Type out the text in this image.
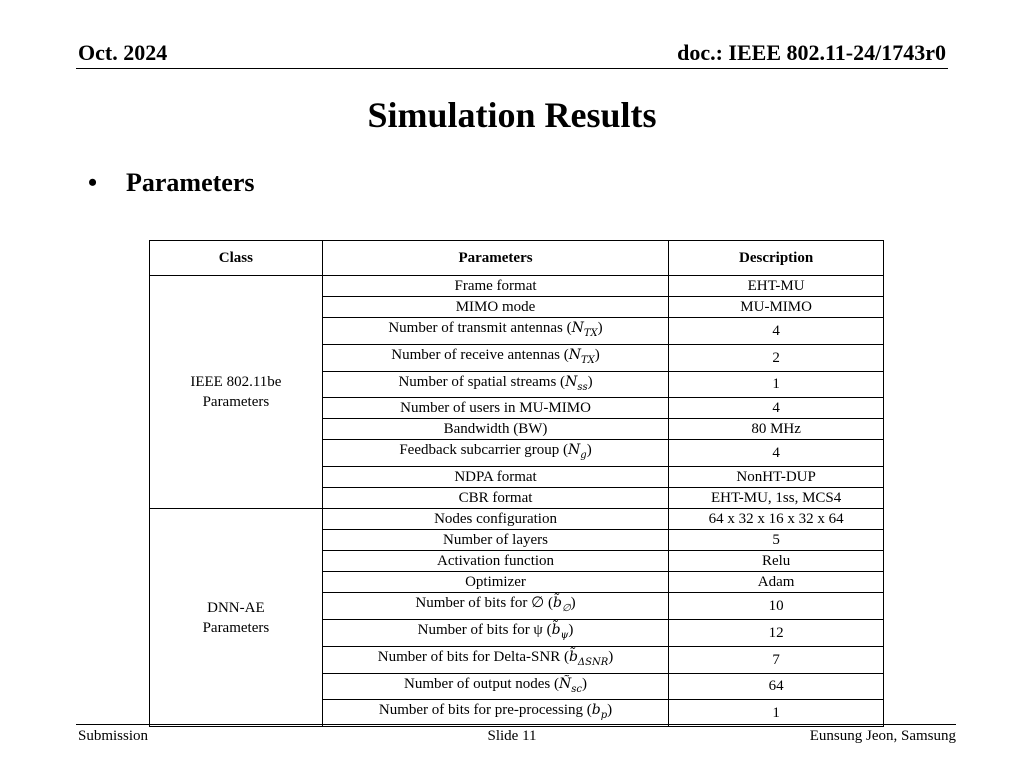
Oct. 2024	doc.: IEEE 802.11-24/1743r0
Simulation Results
• Parameters
Class	Parameters	Description

IEEE 802.11be
Parameters	Frame format	EHT-MU
	MIMO mode	MU-MIMO
	Number of transmit antennas $(N_{TX})$	4
	Number of receive antennas $(N_{TX})$	2
	Number of spatial streams $(N_{ss})$	1
	Number of users in MU-MIMO	4
	Bandwidth (BW)	80 MHz
	Feedback subcarrier group $(N_g)$	4
	NDPA format	NonHT-DUP
	CBR format	EHT-MU, 1ss, MCS4

DNN-AE
Parameters	Nodes configuration	64 x 32 x 16 x 32 x 64
	Number of layers	5
	Activation function	Relu
	Optimizer	Adam
	Number of bits for ∅ $(b̃_\emptyset)$	10
	Number of bits for ψ $(b̃_\psi)$	12
	Number of bits for Delta-SNR $(b̃_{\Delta SNR})$	7
	Number of output nodes $(Ñ_{sc})$	64
	Number of bits for pre-processing $(b_p)$	1
Submission	Slide 11	Eunsung Jeon, Samsung
